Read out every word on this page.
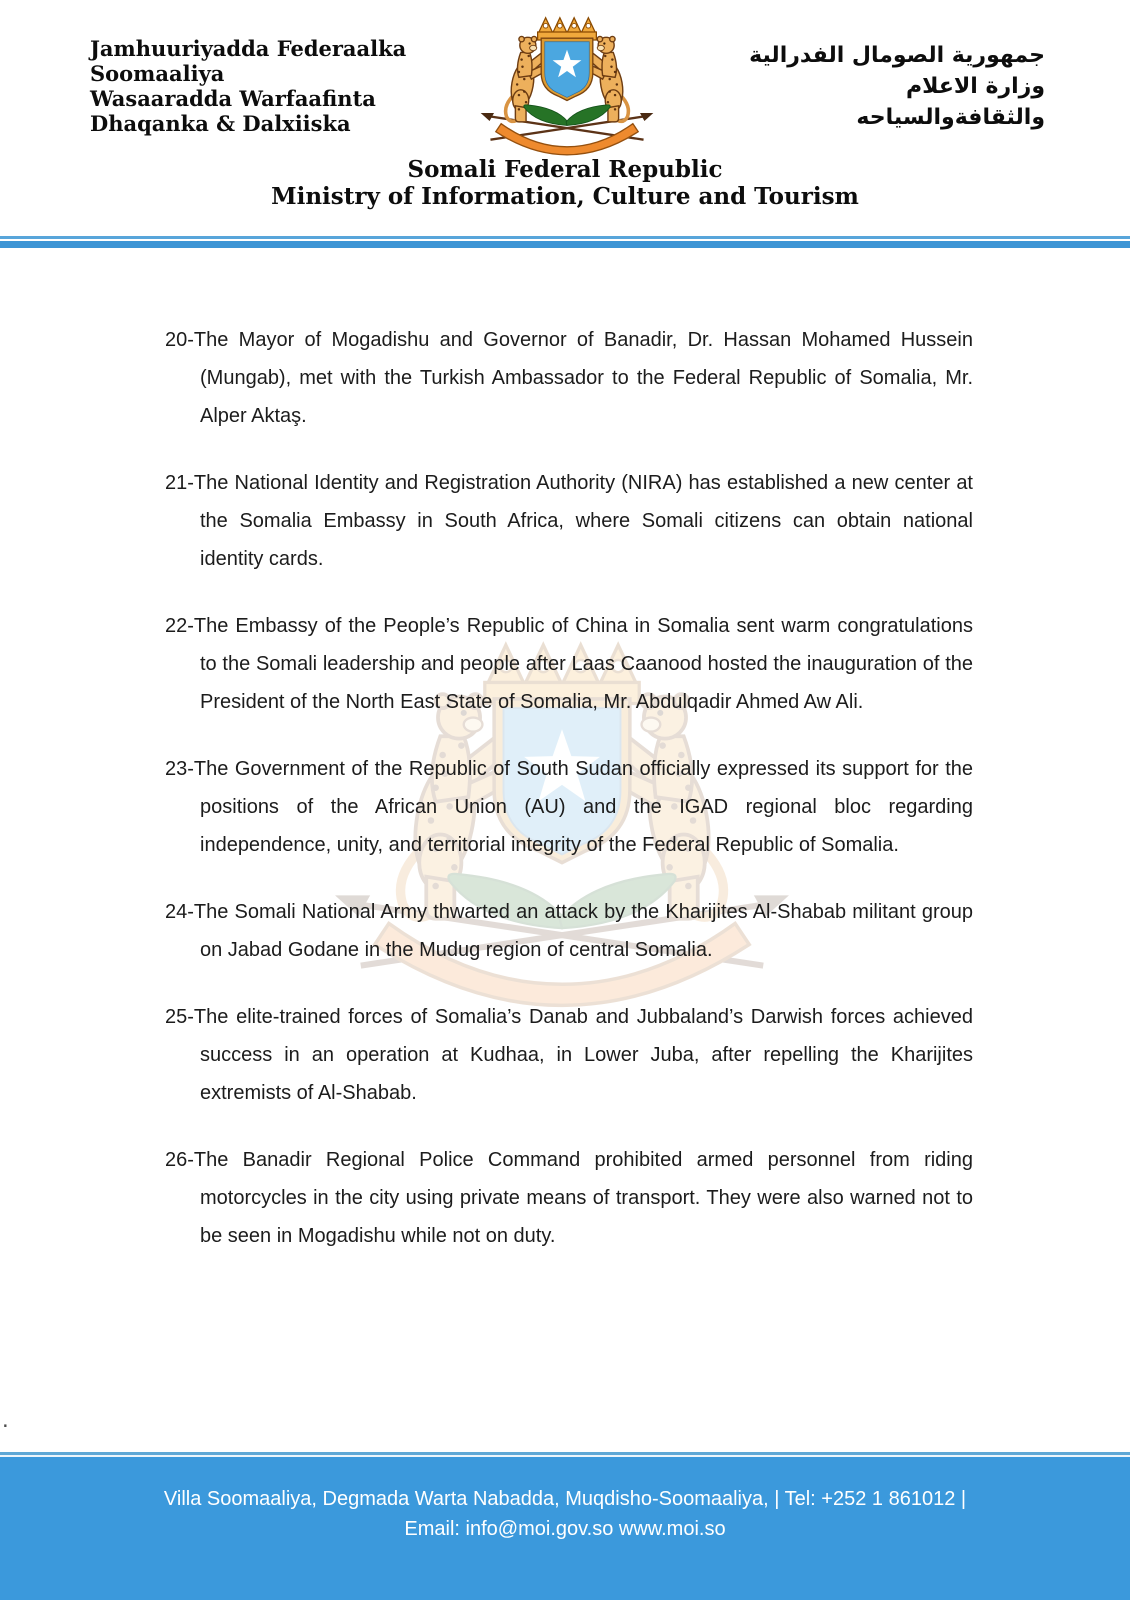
Jamhuuriyadda Federaalka
Soomaaliya
Wasaaradda Warfaafinta
Dhaqanka & Dalxiiska
جمهورية الصومال الفدرالية
وزارة الاعلام
والثقافةوالسياحه
Somali Federal Republic
Ministry of Information, Culture and Tourism
20-The Mayor of Mogadishu and Governor of Banadir, Dr. Hassan Mohamed Hussein (Mungab), met with the Turkish Ambassador to the Federal Republic of Somalia, Mr. Alper Aktaş.
21-The National Identity and Registration Authority (NIRA) has established a new center at the Somalia Embassy in South Africa, where Somali citizens can obtain national identity cards.
22-The Embassy of the People’s Republic of China in Somalia sent warm congratulations to the Somali leadership and people after Laas Caanood hosted the inauguration of the President of the North East State of Somalia, Mr. Abdulqadir Ahmed Aw Ali.
23-The Government of the Republic of South Sudan officially expressed its support for the positions of the African Union (AU) and the IGAD regional bloc regarding independence, unity, and territorial integrity of the Federal Republic of Somalia.
24-The Somali National Army thwarted an attack by the Kharijites Al-Shabab militant group on Jabad Godane in the Mudug region of central Somalia.
25-The elite-trained forces of Somalia’s Danab and Jubbaland’s Darwish forces achieved success in an operation at Kudhaa, in Lower Juba, after repelling the Kharijites extremists of Al-Shabab.
26-The Banadir Regional Police Command prohibited armed personnel from riding motorcycles in the city using private means of transport. They were also warned not to be seen in Mogadishu while not on duty.
.
Villa Soomaaliya, Degmada Warta Nabadda, Muqdisho-Soomaaliya, | Tel: +252 1 861012 |
Email: info@moi.gov.so www.moi.so
